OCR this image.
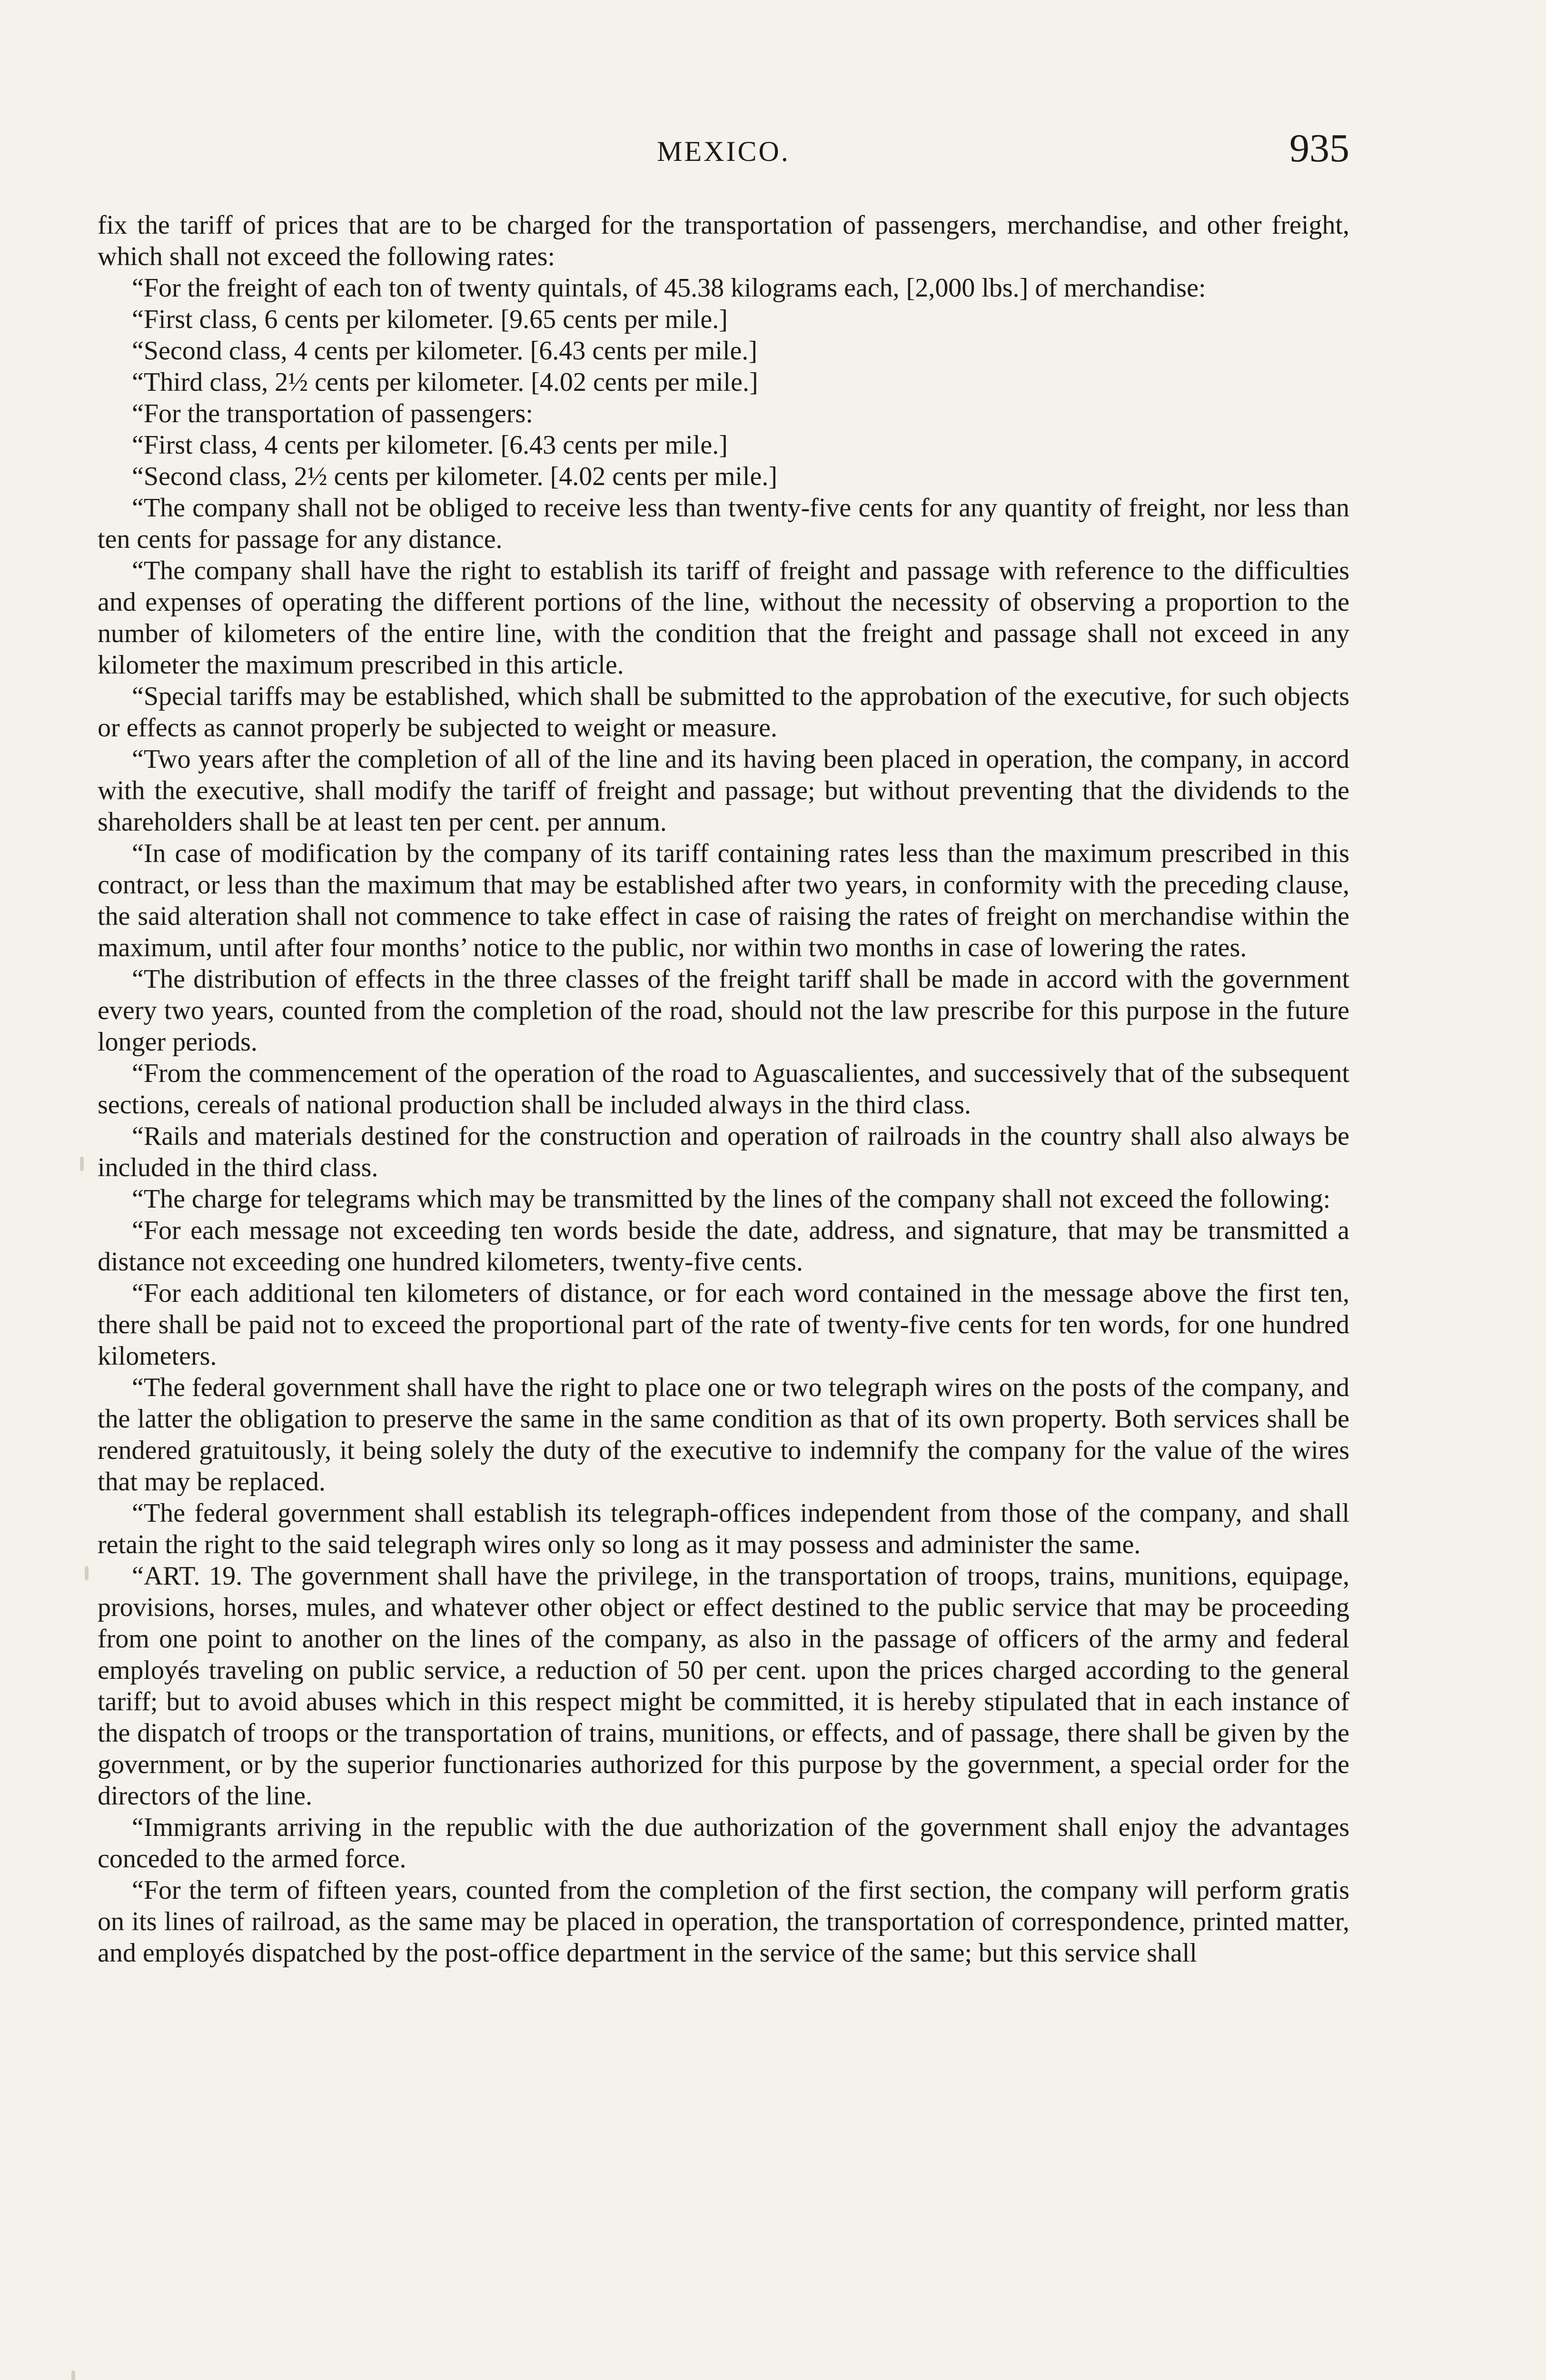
MEXICO.	935

fix the tariff of prices that are to be charged for the transportation of passengers, merchandise, and other freight, which shall not exceed the following rates:

“For the freight of each ton of twenty quintals, of 45.38 kilograms each, [2,000 lbs.] of merchandise:

“First class, 6 cents per kilometer. [9.65 cents per mile.]

“Second class, 4 cents per kilometer. [6.43 cents per mile.]

“Third class, 2½ cents per kilometer. [4.02 cents per mile.]

“For the transportation of passengers:

“First class, 4 cents per kilometer. [6.43 cents per mile.]

“Second class, 2½ cents per kilometer. [4.02 cents per mile.]

“The company shall not be obliged to receive less than twenty-five cents for any quantity of freight, nor less than ten cents for passage for any distance.

“The company shall have the right to establish its tariff of freight and passage with reference to the difficulties and expenses of operating the different portions of the line, without the necessity of observing a proportion to the number of kilometers of the entire line, with the condition that the freight and passage shall not exceed in any kilometer the maximum prescribed in this article.

“Special tariffs may be established, which shall be submitted to the approbation of the executive, for such objects or effects as cannot properly be subjected to weight or measure.

“Two years after the completion of all of the line and its having been placed in operation, the company, in accord with the executive, shall modify the tariff of freight and passage; but without preventing that the dividends to the shareholders shall be at least ten per cent. per annum.

“In case of modification by the company of its tariff containing rates less than the maximum prescribed in this contract, or less than the maximum that may be established after two years, in conformity with the preceding clause, the said alteration shall not commence to take effect in case of raising the rates of freight on merchandise within the maximum, until after four months’ notice to the public, nor within two months in case of lowering the rates.

“The distribution of effects in the three classes of the freight tariff shall be made in accord with the government every two years, counted from the completion of the road, should not the law prescribe for this purpose in the future longer periods.

“From the commencement of the operation of the road to Aguascalientes, and successively that of the subsequent sections, cereals of national production shall be included always in the third class.

“Rails and materials destined for the construction and operation of railroads in the country shall also always be included in the third class.

“The charge for telegrams which may be transmitted by the lines of the company shall not exceed the following:

“For each message not exceeding ten words beside the date, address, and signature, that may be transmitted a distance not exceeding one hundred kilometers, twenty-five cents.

“For each additional ten kilometers of distance, or for each word contained in the message above the first ten, there shall be paid not to exceed the proportional part of the rate of twenty-five cents for ten words, for one hundred kilometers.

“The federal government shall have the right to place one or two telegraph wires on the posts of the company, and the latter the obligation to preserve the same in the same condition as that of its own property. Both services shall be rendered gratuitously, it being solely the duty of the executive to indemnify the company for the value of the wires that may be replaced.

“The federal government shall establish its telegraph-offices independent from those of the company, and shall retain the right to the said telegraph wires only so long as it may possess and administer the same.

“ART. 19. The government shall have the privilege, in the transportation of troops, trains, munitions, equipage, provisions, horses, mules, and whatever other object or effect destined to the public service that may be proceeding from one point to another on the lines of the company, as also in the passage of officers of the army and federal employés traveling on public service, a reduction of 50 per cent. upon the prices charged according to the general tariff; but to avoid abuses which in this respect might be committed, it is hereby stipulated that in each instance of the dispatch of troops or the transportation of trains, munitions, or effects, and of passage, there shall be given by the government, or by the superior functionaries authorized for this purpose by the government, a special order for the directors of the line.

“Immigrants arriving in the republic with the due authorization of the government shall enjoy the advantages conceded to the armed force.

“For the term of fifteen years, counted from the completion of the first section, the company will perform gratis on its lines of railroad, as the same may be placed in operation, the transportation of correspondence, printed matter, and employés dispatched by the post-office department in the service of the same; but this service shall
